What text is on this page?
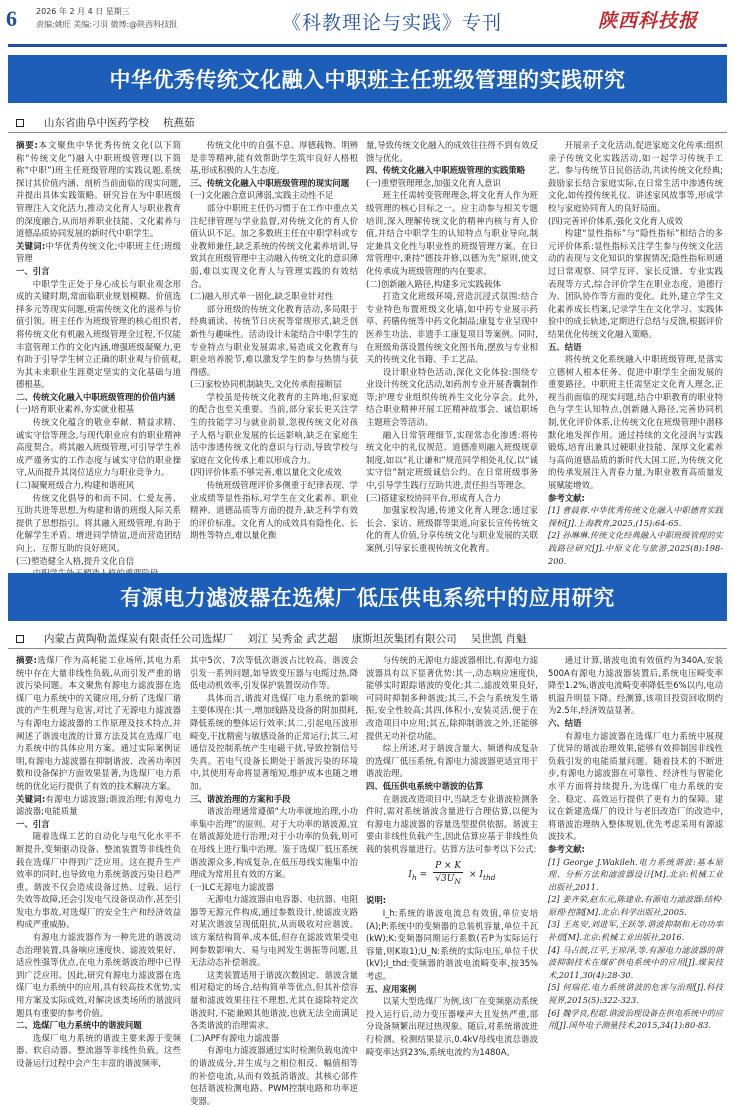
6 2026 年 2 月 4 日 星期三
责编:姚旺 美编:刁羽 微博:@陕西科技报	《科教理论与实践》专刊	陕西科技报
中华优秀传统文化融入中职班主任班级管理的实践研究
山东省曲阜中医药学校 杭燕茹

摘要:本文聚焦中华优秀传统文化(以下简称“传统文化”)融入中职班级管理(以下简称“中职”)班主任班级管理的实践议题,系统探讨其价值内涵、剖析当前面临的现实问题,并提出具体实践策略。研究旨在为中职班级管理注入文化活力,推动文化育人与职业教育的深度融合,从而培养职业技能、文化素养与道德品质协同发展的新时代中职学生。

关键词:中华优秀传统文化;中职班主任;班级管理

一、引言

中职学生正处于身心成长与职业观念形成的关键时期,常面临职业规划模糊、价值选择多元等现实问题,亟需传统文化的滋养与价值引领。班主任作为班级管理的核心组织者,将传统文化有机融入班级管理全过程,不仅能丰富管理工作的文化内涵,增强班级凝聚力,更有助于引导学生树立正确的职业观与价值观,为其未来职业生涯奠定坚实的文化基础与道德根基。

二、传统文化融入中职班级管理的价值内涵

(一)培育职业素养,夯实就业根基

传统文化蕴含的敬业奉献、精益求精、诚实守信等理念,与现代职业应有的职业精神高度契合。将其融入班级管理,可引导学生养成严谨务实的工作态度与诚实守信的职业操守,从而提升其岗位适应力与职业竞争力。

(二)凝聚班级合力,构建和谐班风

传统文化倡导的和而不同、仁爱友善、互助共进等思想,为构建和谐的班级人际关系提供了思想指引。将其融入班级管理,有助于化解学生矛盾、增进同学情谊,进而营造团结向上、互帮互助的良好班风。

(三)塑造健全人格,提升文化自信

传统文化中的自强不息、厚德载物、明辨是非等精神,能有效帮助学生筑牢良好人格根基,形成积极的人生态度。

三、传统文化融入中职班级管理的现实问题

(一)文化融合意识薄弱,实践主动性不足

部分中职班主任仍习惯于在工作中重点关注纪律管理与学业监督,对传统文化的育人价值认识不足。加之多数班主任在中职学科或专业教师兼任,缺乏系统的传统文化素养培训,导致其在班级管理中主动融入传统文化的意识薄弱,难以实现文化育人与管理实践的有效结合。

(二)融入形式单一固化,缺乏职业针对性

部分班级的传统文化教育活动,多局限于经典诵读、传统节日庆祝等常规形式,缺乏创新性与趣味性。活动设计未能结合中职学生的专业特点与职业发展需求,易造成文化教育与职业培养脱节,难以激发学生的参与热情与获得感。

(三)家校协同机制缺失,文化传承衔接断层

学校虽是传统文化教育的主阵地,但家庭的配合也至关重要。当前,部分家长更关注学生的技能学习与就业前景,忽视传统文化对孩子人格与职业发展的长远影响,缺乏在家庭生活中渗透传统文化的意识与行动,导致学校与家庭在文化传承上难以形成合力。

(四)评价体系不够完善,难以量化文化成效

传统班级管理评价多侧重于纪律表现、学业成绩等显性指标,对学生在文化素养、职业精神、道德品质等方面的提升,缺乏科学有效的评价标准。文化育人的成效具有隐性化、长期性等特点,难以量化衡

量,导致传统文化融入的成效往往得不到有效反馈与优化。

四、传统文化融入中职班级管理的实践策略

(一)重塑管理理念,加强文化育人意识

班主任需转变管理理念,将文化育人作为班级管理的核心目标之一。应主动参与相关专题培训,深入理解传统文化的精神内核与育人价值,并结合中职学生的认知特点与职业导向,制定兼具文化性与职业性的班级管理方案。在日常管理中,秉持“德技并修,以德为先”原则,使文化传承成为班级管理的内在要求。

(二)创新融入路径,构建多元实践载体

打造文化班级环境,营造沉浸式氛围:结合专业特色布置班级文化墙,如中药专业展示药草、药膳传统等中药文化制品;康复专业呈现中医养生功法、非遗手工康复项目等案例。同时,在班级角落设置传统文化图书角,摆放与专业相关的传统文化书籍、手工艺品。

设计职业特色活动,深化文化体验:围绕专业设计传统文化活动,如药剂专业开展香囊制作等;护理专业组织传统养生文化分享会。此外,结合职业精神开展工匠精神故事会、诚信职场主题班会等活动。

融入日常管理细节,实现常态化渗透:将传统文化中的礼仪规范、道德准则融入班级规章制度,如以“礼让谦和”规范同学相处礼仪,以“诚实守信”制定班级诚信公约。在日常班级事务中,引导学生践行互助共进,责任担当等理念。

(三)搭建家校协同平台,形成育人合力

加强家校沟通,传递文化育人理念:通过家长会、家访、班级群等渠道,向家长宣传传统文化的育人价值,分享传统文化与职业发展的关联案例,引导家长重视传统文化教育。

开展亲子文化活动,促进家庭文化传承:组织亲子传统文化实践活动,如一起学习传统手工艺、参与传统节日民俗活动,共读传统文化经典;鼓励家长结合家庭实际,在日常生活中渗透传统文化,如传授传统礼仪、讲述家风故事等,形成学校与家庭协同育人的良好局面。

(四)完善评价体系,强化文化育人成效

构建“显性指标”与“隐性指标”相结合的多元评价体系:显性指标关注学生参与传统文化活动的表现与文化知识的掌握情况;隐性指标则通过日常观察、同学互评、家长反馈、专业实践表现等方式,综合评价学生在职业态度、道德行为、团队协作等方面的变化。此外,建立学生文化素养成长档案,记录学生在文化学习、实践体验中的成长轨迹,定期进行总结与反馈,根据评价结果优化传统文化融入策略。

五、结语

将传统文化系统融入中职班级管理,是落实立德树人根本任务、促进中职学生全面发展的重要路径。中职班主任需坚定文化育人理念,正视当前面临的现实问题,结合中职教育的职业特色与学生认知特点,创新融入路径,完善协同机制,优化评价体系,让传统文化在班级管理中潜移默化地发挥作用。通过持续的文化浸润与实践锻炼,培育出兼具过硬职业技能、深厚文化素养与高尚道德品质的新时代大国工匠,为传统文化的传承发展注入青春力量,为职业教育高质量发展赋能增效。

参考文献:

[1] 曹晨蓉.中华优秀传统文化融入中职德育实践探析[J].上海教育,2025,(15):64-65.

[2] 孙琳琳.传统文化经典融入中职班级管理的实践路径研究[J].中原文化与旅游,2025(8):198-200.

有源电力滤波器在选煤厂低压供电系统中的应用研究
内蒙古黄陶勒盖煤炭有限责任公司选煤厂 刘江 吴秀金 武艺超 康斯坦茨集团有限公司 吴世凯 肖魁

摘要:选煤厂作为高耗能工业场所,其电力系统中存在大量非线性负载,从而引发严重的谐波污染问题。本文聚焦有源电力滤波器在选煤厂电力系统中的关键应用,分析了选煤厂谐波的产生机理与危害,对比了无源电力滤波器与有源电力滤波器的工作原理及技术特点,并阐述了谐波电流的计算方法及其在选煤厂电力系统中的具体应用方案。通过实际案例证明,有源电力滤波器在抑制谐波、改善功率因数和设备保护方面效果显著,为选煤厂电力系统的优化运行提供了有效的技术解决方案。

关键词:有源电力滤波器;谐波治理;有源电力滤波器;电能质量

一、引言

随着选煤工艺的自动化与电气化水平不断提升,变频驱动设备、整流装置等非线性负载在选煤厂中得到广泛应用。这在提升生产效率的同时,也导致电力系统谐波污染日趋严重。谐波不仅会造成设备过热、过载、运行失效等故障,还会引发电气设备误动作,甚至引发电力事故,对选煤厂的安全生产和经济效益构成严重威胁。

有源电力滤波器作为一种先进的谐波动态治理装置,具备响应速度快、滤波效果好、适应性强等优点,在电力系统谐波治理中已得到广泛应用。因此,研究有源电力滤波器在选煤厂电力系统中的应用,具有较高技术优势,实用方案及实际成效,对解决该类场所的谐波问题具有重要的参考价值。

二、选煤厂电力系统中的谐波问题

选煤厂电力系统的谐波主要来源于变频器、软启动器、整流器等非线性负载。这些设备运行过程中会产生丰富的谐波频率,

其中5次、7次等低次谐波占比较高。谐波会引发一系列问题,如导致变压器与电缆过热,降低电动机效率,引发保护装置误动作等。

具体而言,谐波对选煤厂电力系统的影响主要体现在:其一,增加线路及设备的附加损耗,降低系统的整体运行效率;其二,引起电压波形畸变,干扰精密与敏感设备的正常运行;其三,对通信及控制系统产生电磁干扰,导致控制信号失真。若电气设备长期处于谐波污染的环境中,其使用寿命将显著缩短,维护成本也随之增加。

三、谐波治理的方案和手段

谐波治理通常遵循“大功率就地治理,小功率集中治理”的原则。对于大功率的谐波源,宜在谐波源处进行治理;对于小功率的负载,则可在母线上进行集中治理。鉴于选煤厂低压系统谐波源众多,构成复杂,在低压母线实施集中治理成为常用且有效的方案。

(一)LC无源电力滤波器

无源电力滤波器由电容器、电抗器、电阻器等无源元件构成,通过参数设计,使滤波支路对某次谐波呈现低阻抗,从而吸收对应谐波。该方案结构简单,成本低,但存在滤波效果受电网参数影响大、易与电网发生谐振等问题,且无法动态补偿谐波。

这类装置适用于谐波次数固定、谐波含量相对稳定的场合,结构简单等优点,但其补偿容量和滤波效果往往不理想,尤其在滤除特定次谐波时,不能兼顾其他谐波,也就无法全面满足各类谐波的治理需求。

(二)APF有源电力滤波器

有源电力滤波器通过实时检测负载电流中的谐波成分,并生成与之相位相反、幅值相等的补偿电流,从而有效抵消谐波。其核心部件包括谐波检测电路、PWM控制电路和功率逆变器。

与传统的无源电力滤波器相比,有源电力滤波器具有以下显著优势:其一,动态响应速度快,能够实时跟踪谐波的变化;其二,滤波效果良好,可同时抑制多种谐波;其三,不会与系统发生谐振,安全性较高;其四,体积小,安装灵活,便于在改造项目中应用;其五,除抑制谐波之外,还能够提供无功补偿功能。

综上所述,对于谐波含量大、频谱构成复杂的选煤厂低压系统,有源电力滤波器更适宜用于谐波治理。

四、低压供电系统中谐波的估算

在谐波改造项目中,当缺乏专业谐波检测条件时,需对系统谐波含量进行合理估算,以便为有源电力滤波器的容量选型提供依据。谐波主要由非线性负载产生,因此估算应基于非线性负载的装机容量进行。估算方法可参考以下公式:

$I_h = \frac{P \times K}{√3U_N} \times I_{thd}$

说明:

I_h:系统的谐波电流总有效值,单位安培(A);P:系统中的变频器的总装机容量,单位千瓦(kW);K:变频器同期运行系数(若P为实际运行容量,则K取1);U_N:系统的实际电压,单位千伏(kV);I_thd:变频器的谐波电流畸变率,按35%考虑。

五、应用案例

以某大型选煤厂为例,该厂在变频驱动系统投入运行后,动力变压器噪声大且发热严重,部分设备频繁出现过热现象。随后,对系统谐波进行检测。检测结果显示,0.4kV母线电流总谐波畸变率达到23%,系统电流约为1480A。

通过计算,谐波电流有效值约为340A,安装500A有源电力滤波器装置后,系统电压畸变率降至1.2%,谐波电流畸变率降低至6%以内,电动机温升明显下降。经测算,该项目投资回收期约为2.5年,经济效益显著。

六、结语

有源电力滤波器在选煤厂电力系统中展现了优异的谐波治理效果,能够有效抑制因非线性负载引发的电能质量问题。随着技术的不断进步,有源电力滤波器在可靠性、经济性与智能化水平方面将持续提升,为选煤厂电力系统的安全、稳定、高效运行提供了更有力的保障。建议在新建选煤厂的设计与老旧改造厂的改造中,将谐波治理纳入整体规划,优先考虑采用有源滤波技术。

参考文献:

[1] George J.Wakileh.电力系统谐波:基本原理、分析方法和滤波器设计[M].北京:机械工业出版社,2011.

[2] 姜齐荣,赵东元,陈建业.有源电力滤波器:结构·原理·控制[M].北京:科学出版社,2005.

[3] 王兆安,刘进军,王跃等.谐波抑制和无功功率补偿[M].北京:机械工业出版社,2016.

[4] 马占鼓,江平,王琼泽,等.有源电力滤波器的谐波抑制技术在煤矿供电系统中的应用[J].煤炭技术,2011,30(4):28-30.

[5] 何瑞花.电力系统谐波的危害与治理[J].科技视界,2015(5):322-323.

[6] 魏学良,程超.谐波治理设备在供电系统中的应用[J].国外电子测量技术,2015,34(1):80-83.
